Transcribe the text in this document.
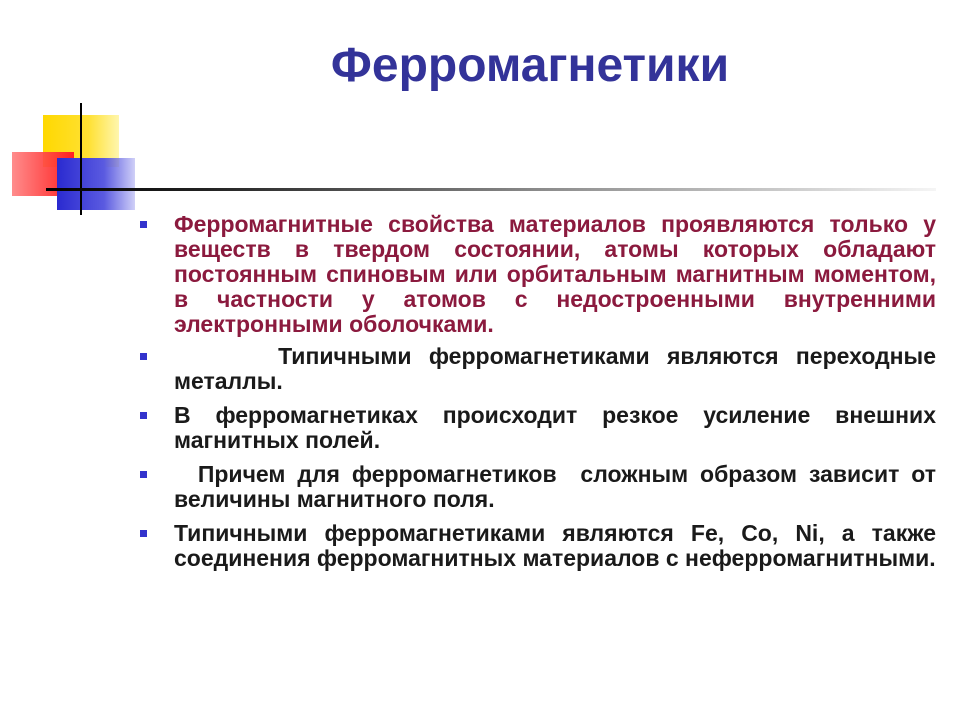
Ферромагнетики
Ферромагнитные свойства материалов проявляются только у веществ в твердом состоянии, атомы которых обладают постоянным спиновым или орбитальным магнитным моментом, в частности у атомов с недостроенными внутренними электронными оболочками.
Типичными ферромагнетиками являются переходные металлы.
В ферромагнетиках происходит резкое усиление внешних магнитных полей.
Причем для ферромагнетиков  сложным образом зависит от величины магнитного поля.
Типичными ферромагнетиками являются Fe, Co, Ni, а также соединения ферромагнитных материалов с неферромагнитными.
